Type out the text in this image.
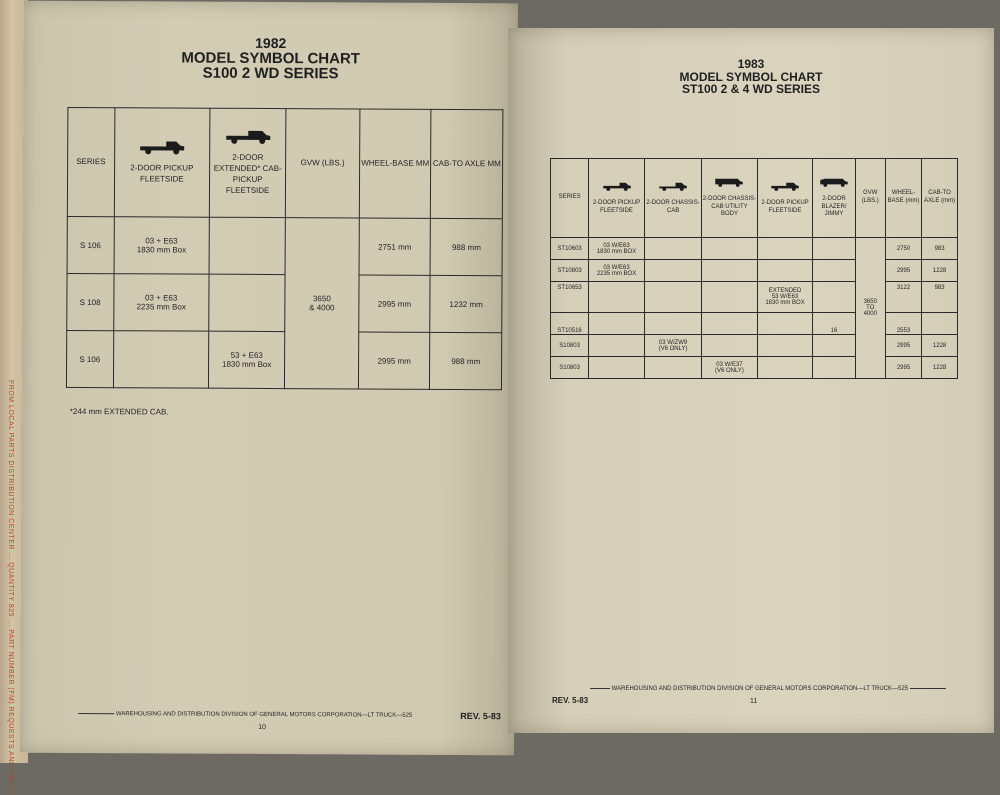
FROM LOCAL PARTS DISTRIBUTION CENTER ... QUANTITY 825 ... PART NUMBER (FM) REQUESTS AND PARTS
1982
MODEL SYMBOL CHART
S100 2 WD SERIES
SERIES	2-DOOR PICKUP FLEETSIDE	2-DOOR EXTENDED* CAB-PICKUP FLEETSIDE	GVW (LBS.)	WHEEL-BASE MM	CAB-TO AXLE MM
S 106	03 + E63
1830 mm Box		3650
& 4000	2751 mm	988 mm
S 108	03 + E63
2235 mm Box			2995 mm	1232 mm
S 106		53 + E63
1830 mm Box		2995 mm	988 mm
*244 mm EXTENDED CAB.
WAREHOUSING AND DISTRIBUTION DIVISION OF GENERAL MOTORS CORPORATION—LT TRUCK—525	REV. 5-83
10
1983
MODEL SYMBOL CHART
ST100 2 & 4 WD SERIES
SERIES	2-DOOR PICKUP FLEETSIDE	2-DOOR CHASSIS-CAB	2-DOOR CHASSIS-CAB UTILITY BODY	2-DOOR PICKUP FLEETSIDE	2-DOOR BLAZER/ JIMMY	GVW (LBS.)	WHEEL-BASE (mm)	CAB-TO AXLE (mm)
ST10603	03 W/E63
1830 mm BOX					3650
TO
4000	2750	983
ST10803	03 W/E63
2235 mm BOX						2995	1228
ST10653				EXTENDED
53 W/E63
1830 mm BOX			3122	983
ST10516					16		2553	
S10803		03 W/ZW9
(V6 ONLY)					2995	1228
S10803			03 W/E37
(V6 ONLY)				2995	1228
WAREHOUSING AND DISTRIBUTION DIVISION OF GENERAL MOTORS CORPORATION—LT TRUCK—525
REV. 5-83	11
